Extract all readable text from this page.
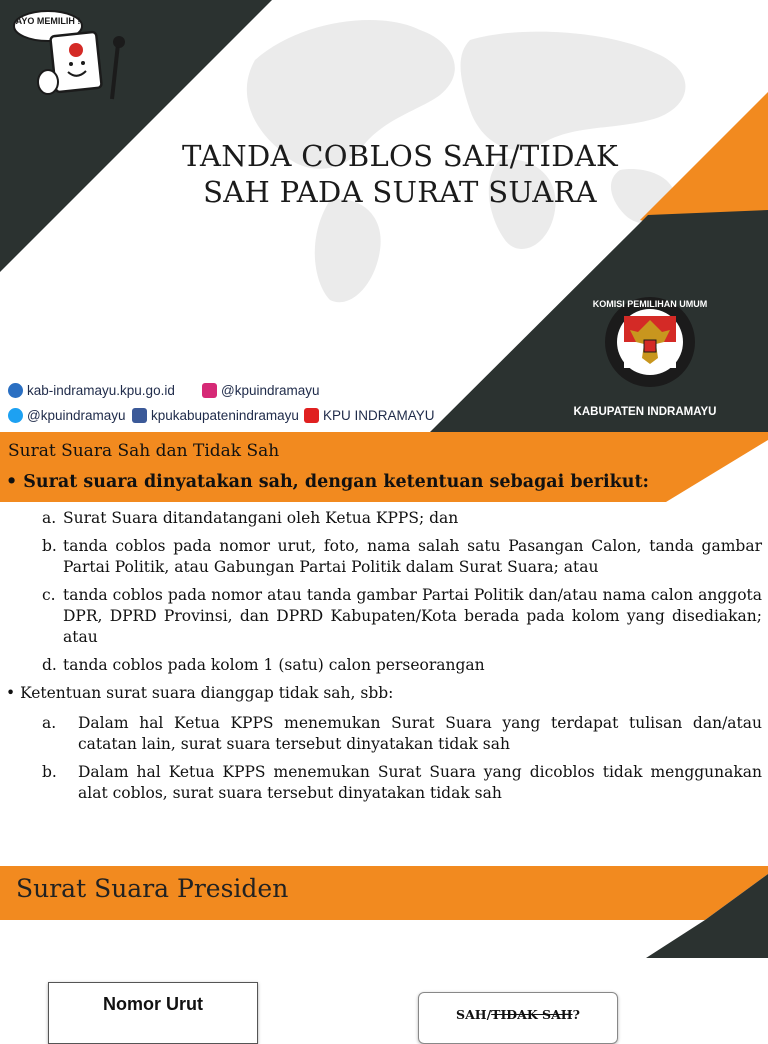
AYO MEMILIH !
TANDA COBLOS SAH/TIDAK
SAH PADA SURAT SUARA
KOMISI PEMILIHAN UMUM
KABUPATEN INDRAMAYU
kab-indramayu.kpu.go.id	@kpuindramayu
@kpuindramayu kpukabupatenindramayu KPU INDRAMAYU
Surat Suara Sah dan Tidak Sah
• Surat suara dinyatakan sah, dengan ketentuan sebagai berikut:
a. Surat Suara ditandatangani oleh Ketua KPPS; dan
b. tanda coblos pada nomor urut, foto, nama salah satu Pasangan Calon, tanda gambar Partai Politik, atau Gabungan Partai Politik dalam Surat Suara; atau
c. tanda coblos pada nomor atau tanda gambar Partai Politik dan/atau nama calon anggota DPR, DPRD Provinsi, dan DPRD Kabupaten/Kota berada pada kolom yang disediakan; atau
d. tanda coblos pada kolom 1 (satu) calon perseorangan
• Ketentuan surat suara dianggap tidak sah, sbb:
a. Dalam hal Ketua KPPS menemukan Surat Suara yang terdapat tulisan dan/atau catatan lain, surat suara tersebut dinyatakan tidak sah
b. Dalam hal Ketua KPPS menemukan Surat Suara yang dicoblos tidak menggunakan alat coblos, surat suara tersebut dinyatakan tidak sah
Surat Suara Presiden
Nomor Urut
SAH/TIDAK SAH?
